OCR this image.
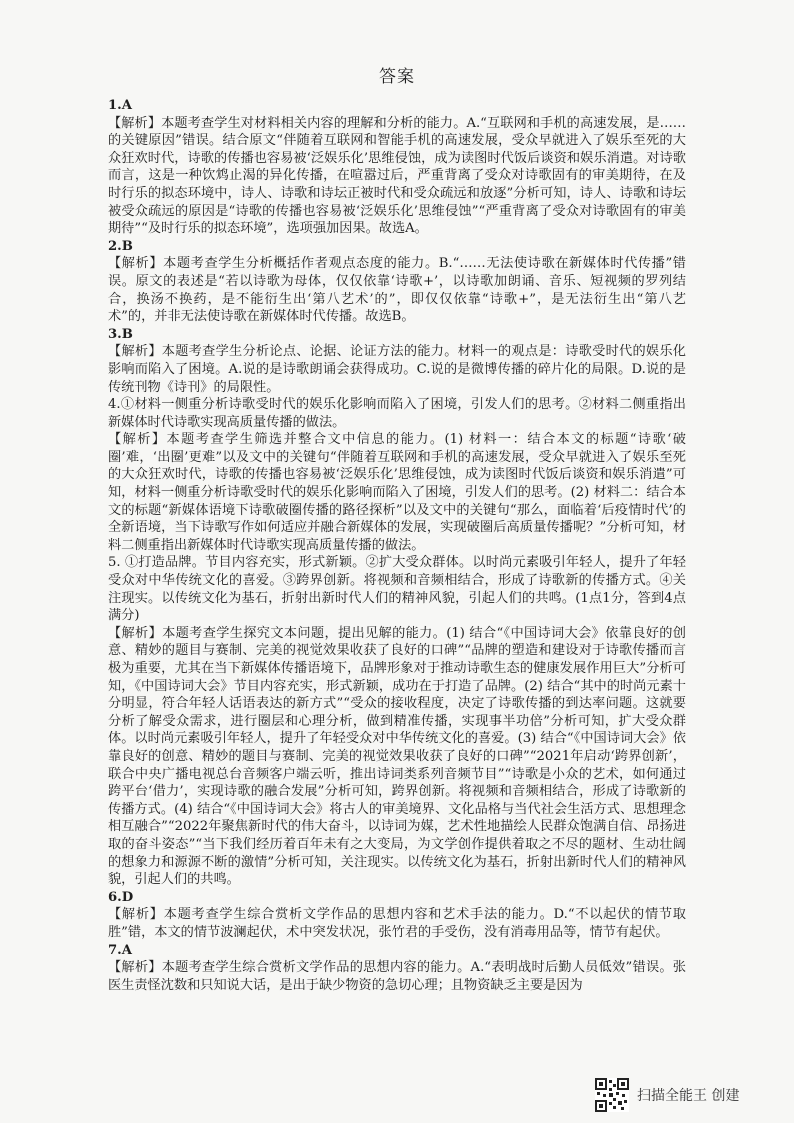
答案

1.A

【解析】本题考查学生对材料相关内容的理解和分析的能力。A.“互联网和手机的高速发展，是……的关键原因”错误。结合原文“伴随着互联网和智能手机的高速发展，受众早就进入了娱乐至死的大众狂欢时代，诗歌的传播也容易被‘泛娱乐化’思维侵蚀，成为读图时代饭后谈资和娱乐消遣。对诗歌而言，这是一种饮鸩止渴的异化传播，在喧嚣过后，严重背离了受众对诗歌固有的审美期待，在及时行乐的拟态环境中，诗人、诗歌和诗坛正被时代和受众疏远和放逐”分析可知，诗人、诗歌和诗坛被受众疏远的原因是“诗歌的传播也容易被‘泛娱乐化’思维侵蚀”“严重背离了受众对诗歌固有的审美期待”“及时行乐的拟态环境”，选项强加因果。故选A。

2.B

【解析】本题考查学生分析概括作者观点态度的能力。B.“……无法使诗歌在新媒体时代传播”错误。原文的表述是“若以诗歌为母体，仅仅依靠‘诗歌+’，以诗歌加朗诵、音乐、短视频的罗列结合，换汤不换药，是不能衍生出‘第八艺术’的”，即仅仅依靠“诗歌+”，是无法衍生出“第八艺术”的，并非无法使诗歌在新媒体时代传播。故选B。

3.B

【解析】本题考查学生分析论点、论据、论证方法的能力。材料一的观点是：诗歌受时代的娱乐化影响而陷入了困境。A.说的是诗歌朗诵会获得成功。C.说的是微博传播的碎片化的局限。D.说的是传统刊物《诗刊》的局限性。

4.①材料一侧重分析诗歌受时代的娱乐化影响而陷入了困境，引发人们的思考。②材料二侧重指出新媒体时代诗歌实现高质量传播的做法。

【解析】本题考查学生筛选并整合文中信息的能力。(1) 材料一：结合本文的标题“诗歌‘破圈’难，‘出圈’更难”以及文中的关键句“伴随着互联网和手机的高速发展，受众早就进入了娱乐至死的大众狂欢时代，诗歌的传播也容易被‘泛娱乐化’思维侵蚀，成为读图时代饭后谈资和娱乐消遣”可知，材料一侧重分析诗歌受时代的娱乐化影响而陷入了困境，引发人们的思考。(2) 材料二：结合本文的标题“新媒体语境下诗歌破圈传播的路径探析”以及文中的关键句“那么，面临着‘后疫情时代’的全新语境，当下诗歌写作如何适应并融合新媒体的发展，实现破圈后高质量传播呢？”分析可知，材料二侧重指出新媒体时代诗歌实现高质量传播的做法。

5. ①打造品牌。节目内容充实，形式新颖。②扩大受众群体。以时尚元素吸引年轻人，提升了年轻受众对中华传统文化的喜爱。③跨界创新。将视频和音频相结合，形成了诗歌新的传播方式。④关注现实。以传统文化为基石，折射出新时代人们的精神风貌，引起人们的共鸣。(1点1分，答到4点满分)

【解析】本题考查学生探究文本问题，提出见解的能力。(1) 结合“《中国诗词大会》依靠良好的创意、精妙的题目与赛制、完美的视觉效果收获了良好的口碑”“品牌的塑造和建设对于诗歌传播而言极为重要，尤其在当下新媒体传播语境下，品牌形象对于推动诗歌生态的健康发展作用巨大”分析可知，《中国诗词大会》节目内容充实，形式新颖，成功在于打造了品牌。(2) 结合“其中的时尚元素十分明显，符合年轻人话语表达的新方式”“受众的接收程度，决定了诗歌传播的到达率问题。这就要分析了解受众需求，进行圈层和心理分析，做到精准传播，实现事半功倍”分析可知，扩大受众群体。以时尚元素吸引年轻人，提升了年轻受众对中华传统文化的喜爱。(3) 结合“《中国诗词大会》依靠良好的创意、精妙的题目与赛制、完美的视觉效果收获了良好的口碑”“2021年启动‘跨界创新’，联合中央广播电视总台音频客户端云听，推出诗词类系列音频节目”“诗歌是小众的艺术，如何通过跨平台‘借力’，实现诗歌的融合发展”分析可知，跨界创新。将视频和音频相结合，形成了诗歌新的传播方式。(4) 结合“《中国诗词大会》将古人的审美境界、文化品格与当代社会生活方式、思想理念相互融合”“2022年聚焦新时代的伟大奋斗，以诗词为媒，艺术性地描绘人民群众饱满自信、昂扬进取的奋斗姿态”“当下我们经历着百年未有之大变局，为文学创作提供着取之不尽的题材、生动壮阔的想象力和源源不断的激情”分析可知，关注现实。以传统文化为基石，折射出新时代人们的精神风貌，引起人们的共鸣。

6.D

【解析】本题考查学生综合赏析文学作品的思想内容和艺术手法的能力。D.“不以起伏的情节取胜”错，本文的情节波澜起伏，术中突发状况，张竹君的手受伤，没有消毒用品等，情节有起伏。

7.A

【解析】本题考查学生综合赏析文学作品的思想内容的能力。A.“表明战时后勤人员低效”错误。张医生责怪沈数和只知说大话，是出于缺少物资的急切心理；且物资缺乏主要是因为

扫描全能王 创建
